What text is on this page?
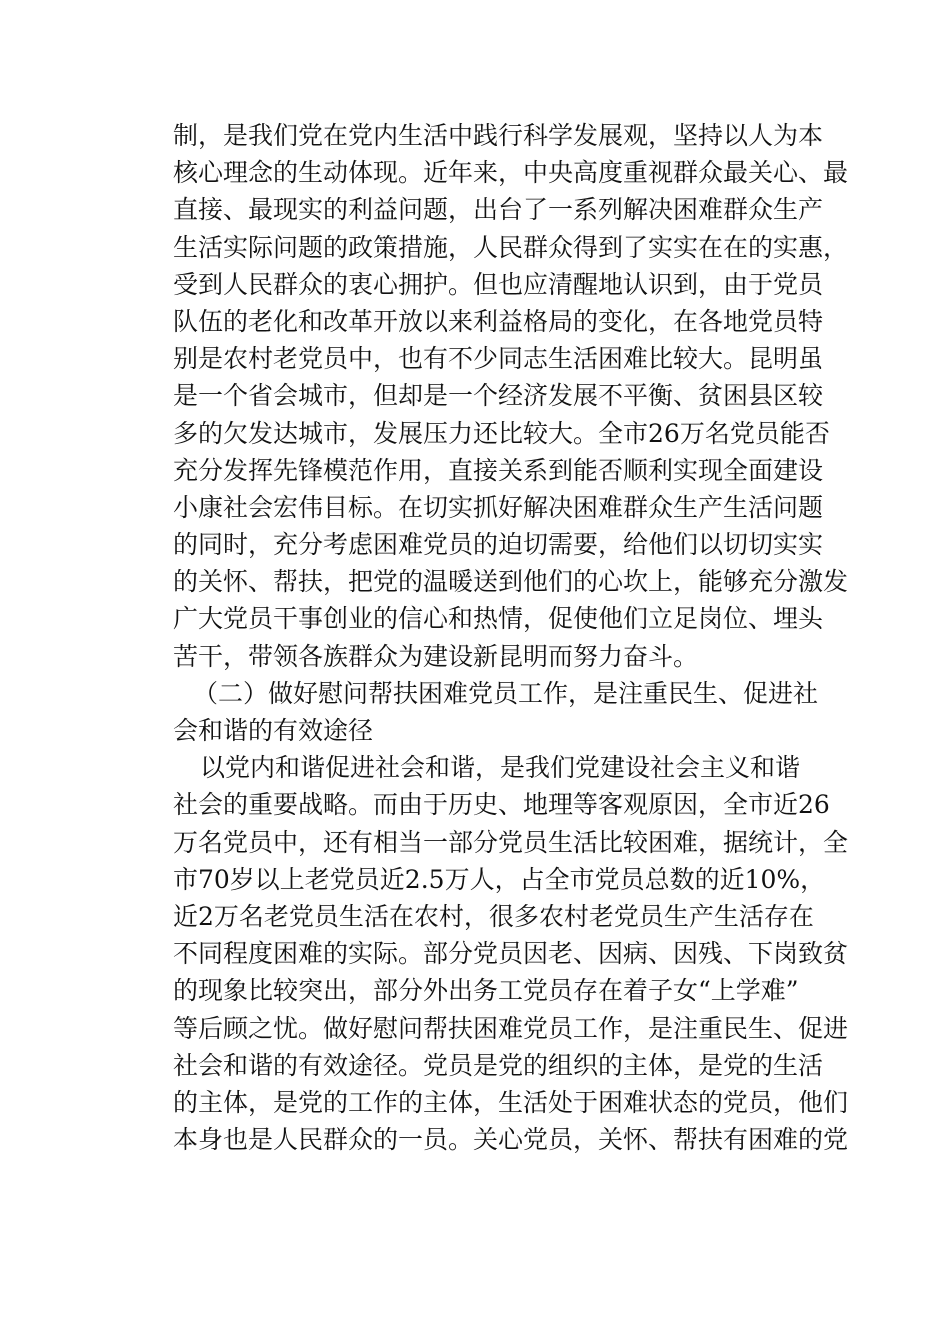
制，是我们党在党内生活中践行科学发展观，坚持以人为本
核心理念的生动体现。近年来，中央高度重视群众最关心、最
直接、最现实的利益问题，出台了一系列解决困难群众生产
生活实际问题的政策措施，人民群众得到了实实在在的实惠，
受到人民群众的衷心拥护。但也应清醒地认识到，由于党员
队伍的老化和改革开放以来利益格局的变化，在各地党员特
别是农村老党员中，也有不少同志生活困难比较大。昆明虽
是一个省会城市，但却是一个经济发展不平衡、贫困县区较
多的欠发达城市，发展压力还比较大。全市26万名党员能否
充分发挥先锋模范作用，直接关系到能否顺利实现全面建设
小康社会宏伟目标。在切实抓好解决困难群众生产生活问题
的同时，充分考虑困难党员的迫切需要，给他们以切切实实
的关怀、帮扶，把党的温暖送到他们的心坎上，能够充分激发
广大党员干事创业的信心和热情，促使他们立足岗位、埋头
苦干，带领各族群众为建设新昆明而努力奋斗。
（二）做好慰问帮扶困难党员工作，是注重民生、促进社
会和谐的有效途径
以党内和谐促进社会和谐，是我们党建设社会主义和谐
社会的重要战略。而由于历史、地理等客观原因，全市近26
万名党员中，还有相当一部分党员生活比较困难，据统计，全
市70岁以上老党员近2.5万人，占全市党员总数的近10%，
近2万名老党员生活在农村，很多农村老党员生产生活存在
不同程度困难的实际。部分党员因老、因病、因残、下岗致贫
的现象比较突出，部分外出务工党员存在着子女“上学难”
等后顾之忧。做好慰问帮扶困难党员工作，是注重民生、促进
社会和谐的有效途径。党员是党的组织的主体，是党的生活
的主体，是党的工作的主体，生活处于困难状态的党员，他们
本身也是人民群众的一员。关心党员，关怀、帮扶有困难的党
